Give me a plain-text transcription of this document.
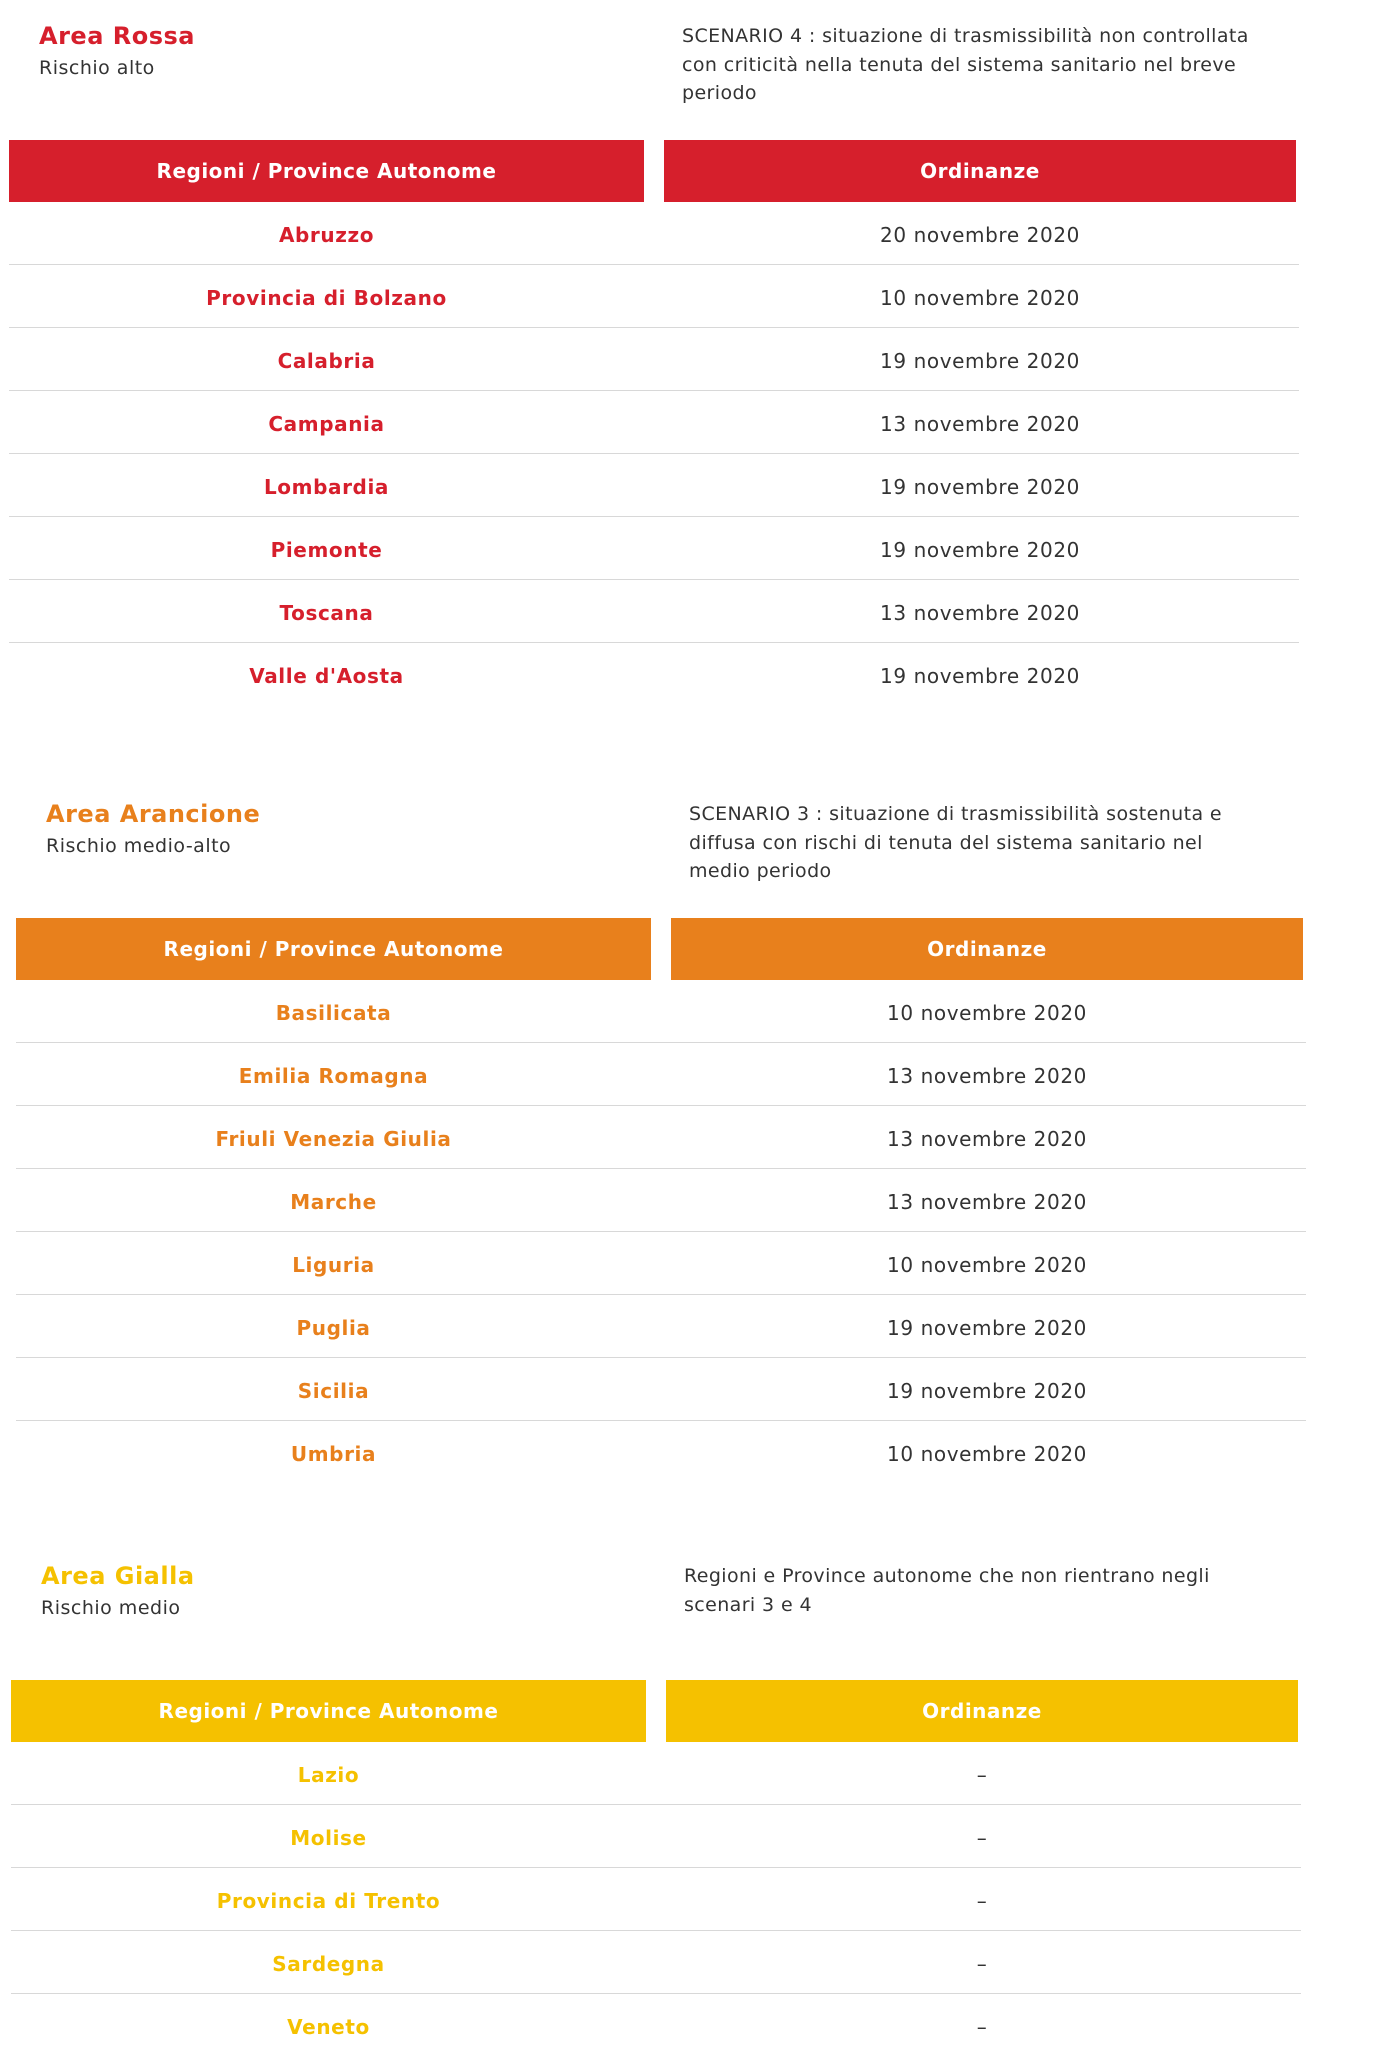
Area Rossa
Rischio alto
SCENARIO 4 : situazione di trasmissibilità non controllata con criticità nella tenuta del sistema sanitario nel breve periodo
Regioni / Province Autonome	Ordinanze
Abruzzo	20 novembre 2020
Provincia di Bolzano	10 novembre 2020
Calabria	19 novembre 2020
Campania	13 novembre 2020
Lombardia	19 novembre 2020
Piemonte	19 novembre 2020
Toscana	13 novembre 2020
Valle d'Aosta	19 novembre 2020
Area Arancione
Rischio medio-alto
SCENARIO 3 : situazione di trasmissibilità sostenuta e diffusa con rischi di tenuta del sistema sanitario nel medio periodo
Regioni / Province Autonome	Ordinanze
Basilicata	10 novembre 2020
Emilia Romagna	13 novembre 2020
Friuli Venezia Giulia	13 novembre 2020
Marche	13 novembre 2020
Liguria	10 novembre 2020
Puglia	19 novembre 2020
Sicilia	19 novembre 2020
Umbria	10 novembre 2020
Area Gialla
Rischio medio
Regioni e Province autonome che non rientrano negli scenari 3 e 4
Regioni / Province Autonome	Ordinanze
Lazio	–
Molise	–
Provincia di Trento	–
Sardegna	–
Veneto	–
